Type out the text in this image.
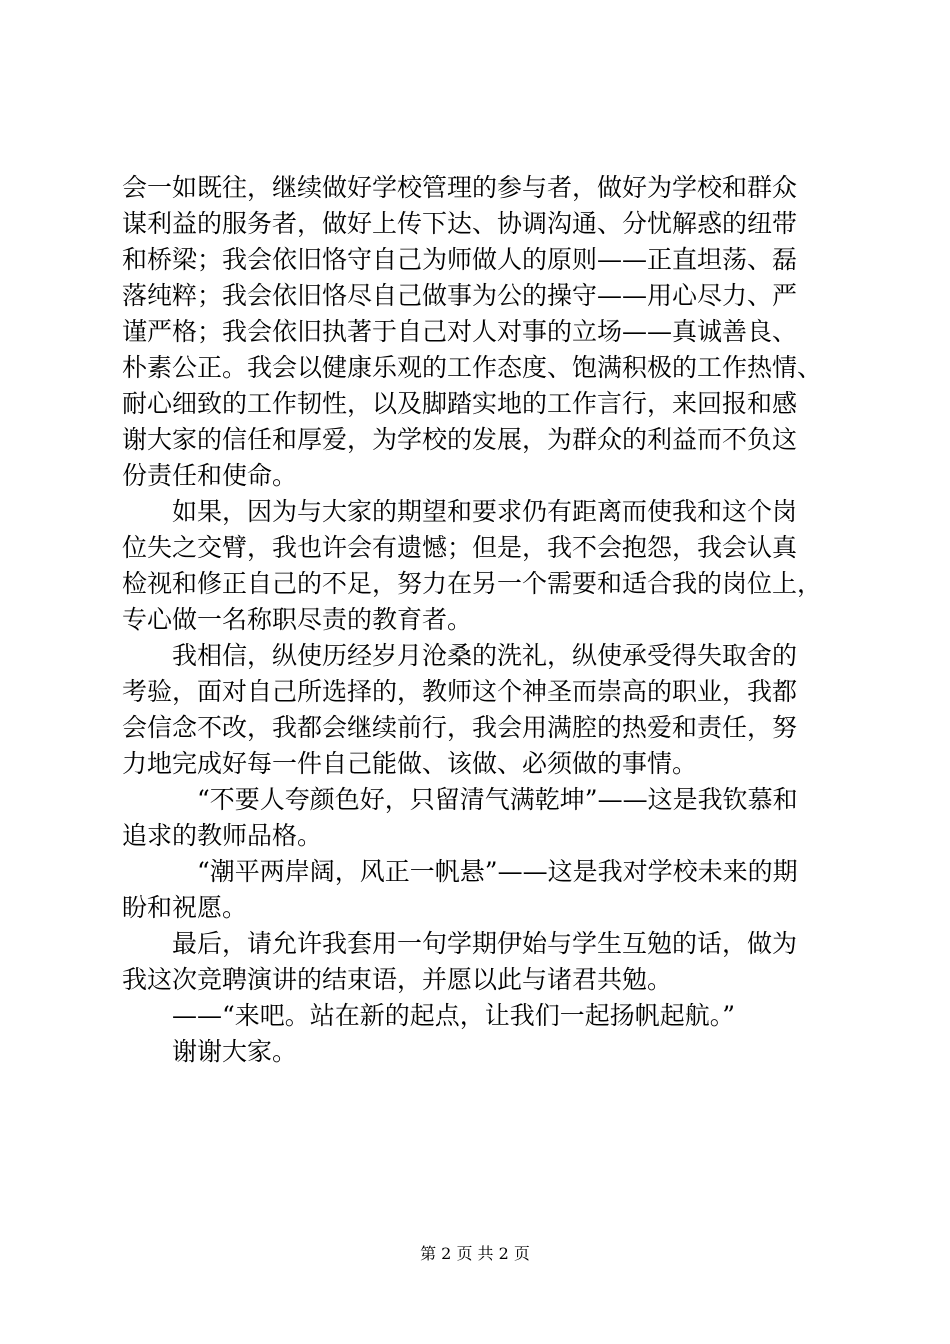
会一如既往，继续做好学校管理的参与者，做好为学校和群众
谋利益的服务者，做好上传下达、协调沟通、分忧解惑的纽带
和桥梁；我会依旧恪守自己为师做人的原则——正直坦荡、磊
落纯粹；我会依旧恪尽自己做事为公的操守——用心尽力、严
谨严格；我会依旧执著于自己对人对事的立场——真诚善良、
朴素公正。我会以健康乐观的工作态度、饱满积极的工作热情、
耐心细致的工作韧性，以及脚踏实地的工作言行，来回报和感
谢大家的信任和厚爱，为学校的发展，为群众的利益而不负这
份责任和使命。
　　如果，因为与大家的期望和要求仍有距离而使我和这个岗
位失之交臂，我也许会有遗憾；但是，我不会抱怨，我会认真
检视和修正自己的不足，努力在另一个需要和适合我的岗位上，
专心做一名称职尽责的教育者。
　　我相信，纵使历经岁月沧桑的洗礼，纵使承受得失取舍的
考验，面对自己所选择的，教师这个神圣而崇高的职业，我都
会信念不改，我都会继续前行，我会用满腔的热爱和责任，努
力地完成好每一件自己能做、该做、必须做的事情。
　　　“不要人夸颜色好，只留清气满乾坤”——这是我钦慕和
追求的教师品格。
　　　“潮平两岸阔，风正一帆悬”——这是我对学校未来的期
盼和祝愿。
　　最后，请允许我套用一句学期伊始与学生互勉的话，做为
我这次竞聘演讲的结束语，并愿以此与诸君共勉。
　　——“来吧。站在新的起点，让我们一起扬帆起航。”
　　谢谢大家。
第 2 页 共 2 页
